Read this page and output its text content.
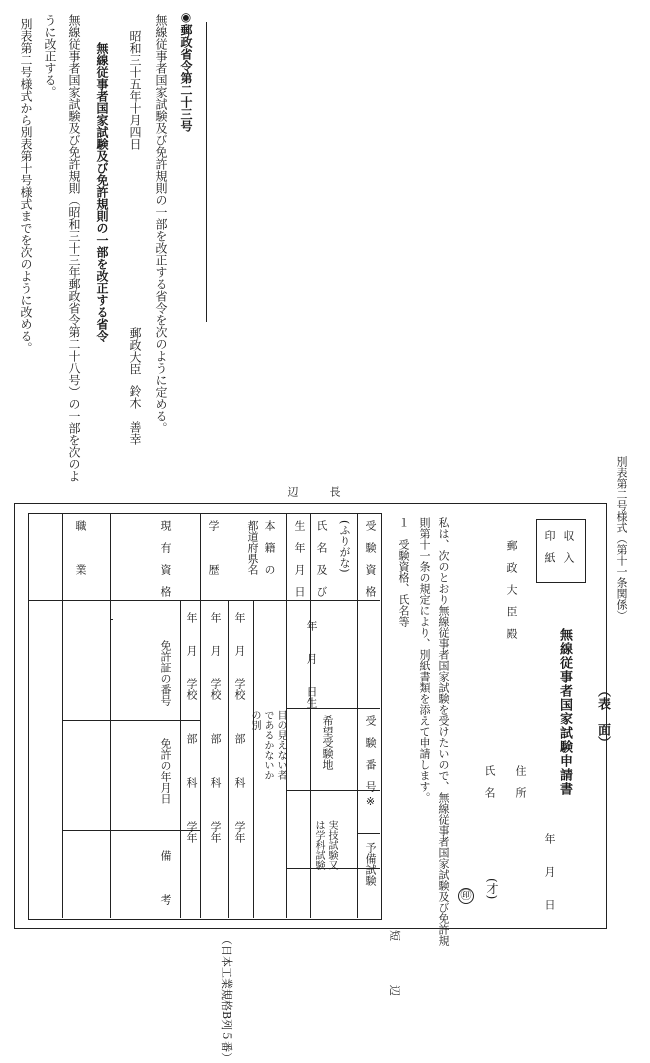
◉郵政省令第二十三号
無線従事者国家試験及び免許規則の一部を改正する省令を次のように定める。
昭和三十五年十月四日
郵政大臣
鈴木　善幸
無線従事者国家試験及び免許規則の一部を改正する省令
無線従事者国家試験及び免許規則（昭和三十三年郵政省令第二十八号）の一部を次のよ
うに改正する。
別表第二号様式から別表第十号様式までを次のように改める。
別表第二号様式（第十一条関係）
（表　面）
収　入
印　紙
無線従事者国家試験申請書
郵　政　大　臣　殿
年　　月　　日
住　所
氏　名
(才)
㊞
私は、次のとおり無線従事者国家試験を受けたいので、無線従事者国家試験及び免許規
則第十一条の規定により、別紙書類を添えて申請します。
１　受験資格、氏名等
長
辺
受　験　資　格
(ふりがな)
氏　名　及　び
生　年　月　日
本　籍　の
都道府県名
学　　　歴
現　有　資　格
職　　　業
受　験　番　号
※
予備試験
希望受験地
実技試験又
は学科試験
目の見えない者
であるかないか
の別
年　　月　　日生
年　　月　　学校　　　部　　　科　　　学年
年　　月　　学校　　　部　　　科　　　学年
年　　月　　学校　　　部　　　科　　　学年
免許証の番号
免許の年月日
備　　　考
短　　　　辺
（日本工業規格B列５番）
